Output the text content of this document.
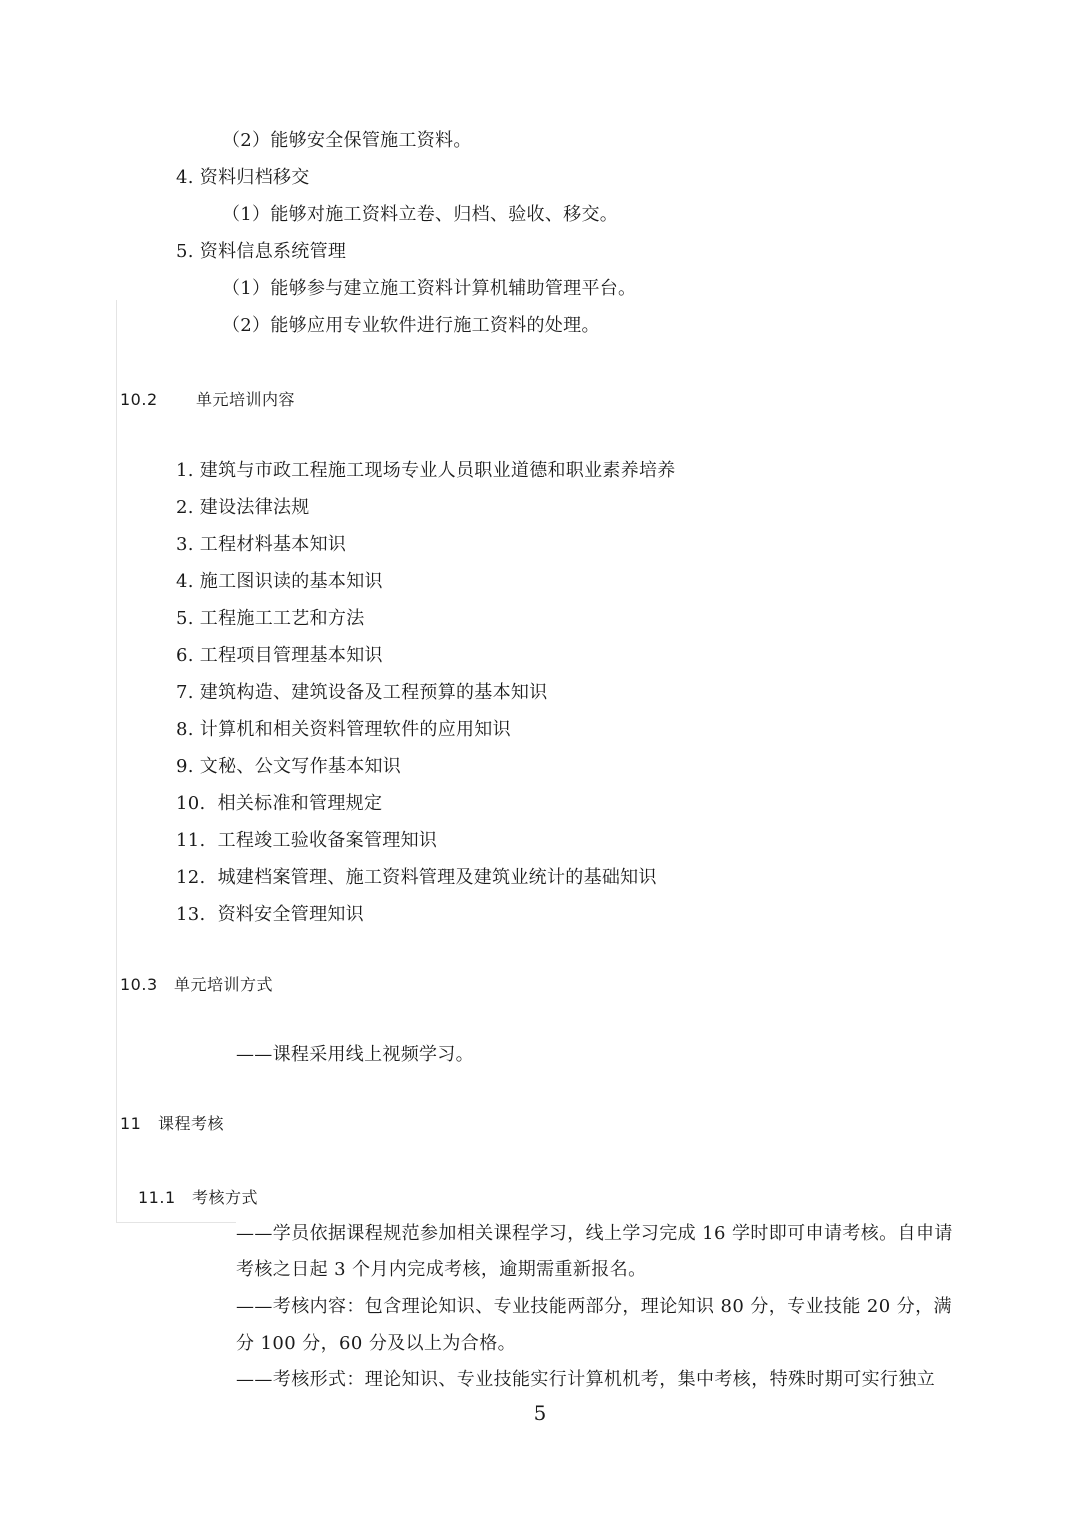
（2）能够安全保管施工资料。
4. 资料归档移交
（1）能够对施工资料立卷、归档、验收、移交。
5. 资料信息系统管理
（1）能够参与建立施工资料计算机辅助管理平台。
（2）能够应用专业软件进行施工资料的处理。
10.2 单元培训内容
1. 建筑与市政工程施工现场专业人员职业道德和职业素养培养
2. 建设法律法规
3. 工程材料基本知识
4. 施工图识读的基本知识
5. 工程施工工艺和方法
6. 工程项目管理基本知识
7. 建筑构造、建筑设备及工程预算的基本知识
8. 计算机和相关资料管理软件的应用知识
9. 文秘、公文写作基本知识
10.  相关标准和管理规定
11.  工程竣工验收备案管理知识
12.  城建档案管理、施工资料管理及建筑业统计的基础知识
13.  资料安全管理知识
10.3 单元培训方式
——课程采用线上视频学习。
11 课程考核
11.1 考核方式
——学员依据课程规范参加相关课程学习，线上学习完成 16 学时即可申请考核。自申请
考核之日起 3 个月内完成考核，逾期需重新报名。
——考核内容：包含理论知识、专业技能两部分，理论知识 80 分，专业技能 20 分，满
分 100 分，60 分及以上为合格。
——考核形式：理论知识、专业技能实行计算机机考，集中考核，特殊时期可实行独立
5
